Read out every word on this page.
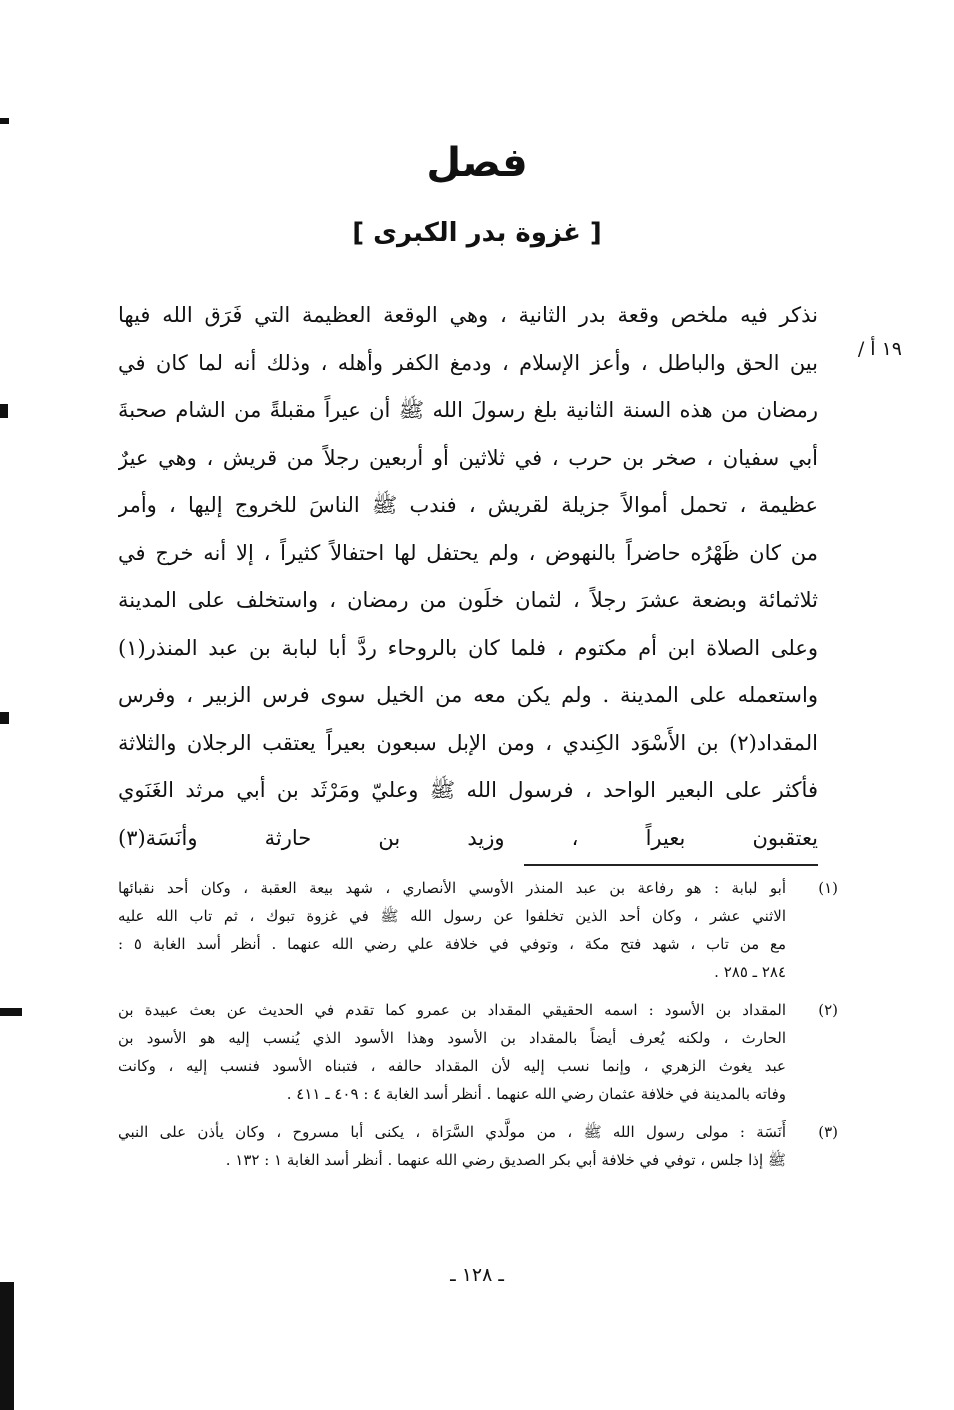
فصل
[ غزوة بدر الكبرى ]
١٩ أ /
نذكر فيه ملخص وقعة بدر الثانية ، وهي الوقعة العظيمة التي فَرَق الله فيها
بين الحق والباطل ، وأعز الإسلام ، ودمغ الكفر وأهله ، وذلك أنه لما كان في
رمضان من هذه السنة الثانية بلغ رسولَ الله ﷺ أن عيراً مقبلةً من الشام صحبةَ
أبي سفيان ، صخر بن حرب ، في ثلاثين أو أربعين رجلاً من قريش ، وهي عيرٌ
عظيمة ، تحمل أموالاً جزيلة لقريش ، فندب ﷺ الناسَ للخروج إليها ، وأمر
من كان ظَهْرُه حاضراً بالنهوض ، ولم يحتفل لها احتفالاً كثيراً ، إلا أنه خرج في
ثلاثمائة وبضعة عشرَ رجلاً ، لثمان خلَون من رمضان ، واستخلف على المدينة
وعلى الصلاة ابن أم مكتوم ، فلما كان بالروحاء ردَّ أبا لبابة بن عبد المنذر(١)
واستعمله على المدينة . ولم يكن معه من الخيل سوى فرس الزبير ، وفرس
المقداد(٢) بن الأَسْوَد الكِندي ، ومن الإبل سبعون بعيراً يعتقب الرجلان والثلاثة
فأكثر على البعير الواحد ، فرسول الله ﷺ وعليّ ومَرْثَد بن أبي مرثد الغَنَوي
يعتقبون بعيراً ، وزيد بن حارثة وأنَسَة(٣)
(١)
أبو لبابة : هو رفاعة بن عبد المنذر الأوسي الأنصاري ، شهد بيعة العقبة ، وكان أحد نقبائها
الاثني عشر ، وكان أحد الذين تخلفوا عن رسول الله ﷺ في غزوة تبوك ، ثم تاب الله عليه
مع من تاب ، شهد فتح مكة ، وتوفي في خلافة علي رضي الله عنهما . أنظر أسد الغابة ٥ :
٢٨٤ ـ ٢٨٥ .
(٢)
المقداد بن الأسود : اسمه الحقيقي المقداد بن عمرو كما تقدم في الحديث عن بعث عبيدة بن
الحارث ، ولكنه يُعرف أيضاً بالمقداد بن الأسود وهذا الأسود الذي يُنسب إليه هو الأسود بن
عبد يغوث الزهري ، وإنما نسب إليه لأن المقداد حالفه ، فتبناه الأسود فنسب إليه ، وكانت
وفاته بالمدينة في خلافة عثمان رضي الله عنهما . أنظر أسد الغابة ٤ : ٤٠٩ ـ ٤١١ .
(٣)
أَنَسَة : مولى رسول الله ﷺ ، من مولَّدي السَّرَاة ، يكنى أبا مسروح ، وكان يأذن على النبي
ﷺ إذا جلس ، توفي في خلافة أبي بكر الصديق رضي الله عنهما . أنظر أسد الغابة ١ : ١٣٢ .
ـ ١٢٨ ـ
